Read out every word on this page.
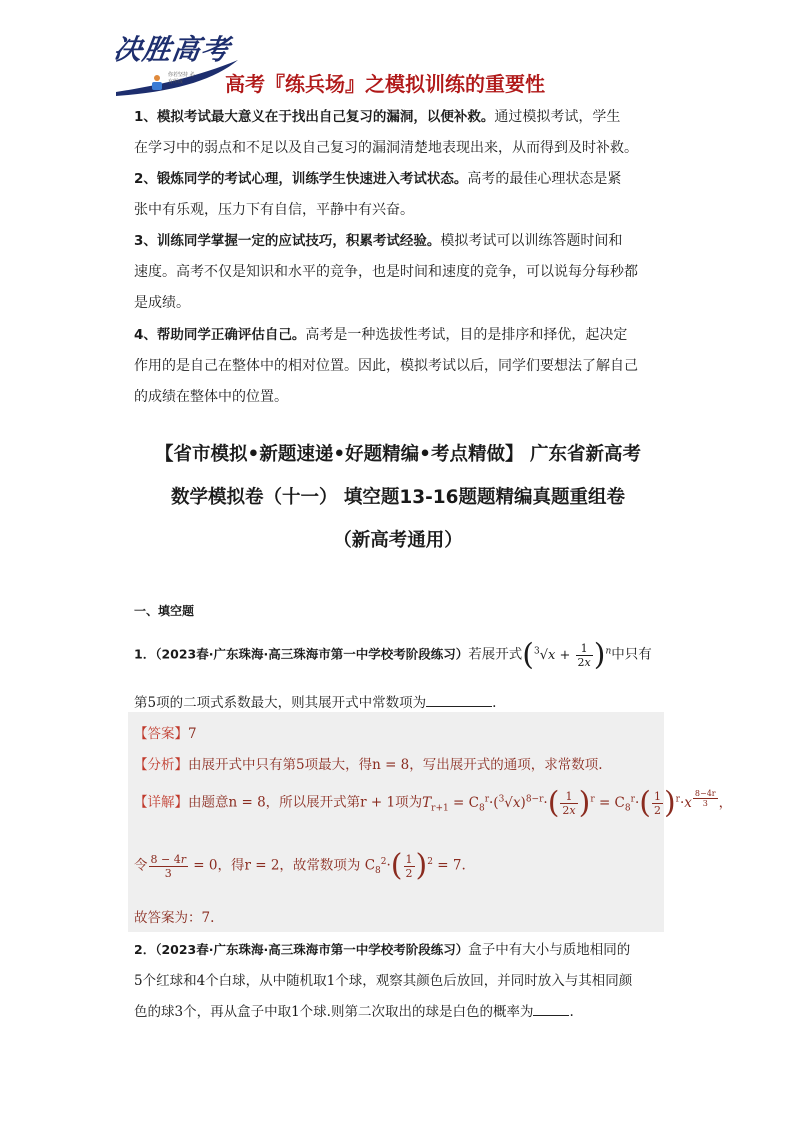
决胜高考
你若坚持 必有所成	高考『练兵场』之模拟训练的重要性

1、模拟考试最大意义在于找出自己复习的漏洞，以便补救。通过模拟考试，学生

在学习中的弱点和不足以及自己复习的漏洞清楚地表现出来，从而得到及时补救。

2、锻炼同学的考试心理，训练学生快速进入考试状态。高考的最佳心理状态是紧

张中有乐观，压力下有自信，平静中有兴奋。

3、训练同学掌握一定的应试技巧，积累考试经验。模拟考试可以训练答题时间和

速度。高考不仅是知识和水平的竞争，也是时间和速度的竞争，可以说每分每秒都

是成绩。

4、帮助同学正确评估自己。高考是一种选拔性考试，目的是排序和择优，起决定

作用的是自己在整体中的相对位置。因此，模拟考试以后，同学们要想法了解自己

的成绩在整体中的位置。

【省市模拟•新题速递•好题精编•考点精做】 广东省新高考
数学模拟卷（十一） 填空题13-16题题精编真题重组卷
（新高考通用）
一、填空题
1．（2023春·广东珠海·高三珠海市第一中学校考阶段练习）若展开式$(^3√x + \frac{1}{2x} )^n$中只有
第5项的二项式系数最大，则其展开式中常数项为	.
【答案】7
【分析】由展开式中只有第5项最大，得n = 8，写出展开式的通项，求常数项.
【详解】由题意n = 8，所以展开式第r + 1项为$T_{r+1} = C_8^r\cdot(^3√x)^{8-r}\cdot( \frac{1}{2x} )^r = C_8^r\cdot( \frac{1}{2} )^r\cdot x$ $^{\frac{8-4r}{3}}$ ，
令 $\frac{8 - 4r}{3} = 0$，得r = 2，故常数项为 $C_8^2\cdot( \frac{1}{2} )^2 = 7$.
故答案为：7.
2．（2023春·广东珠海·高三珠海市第一中学校考阶段练习）盒子中有大小与质地相同的
5个红球和4个白球，从中随机取1个球，观察其颜色后放回，并同时放入与其相同颜
色的球3个，再从盒子中取1个球.则第二次取出的球是白色的概率为	.
